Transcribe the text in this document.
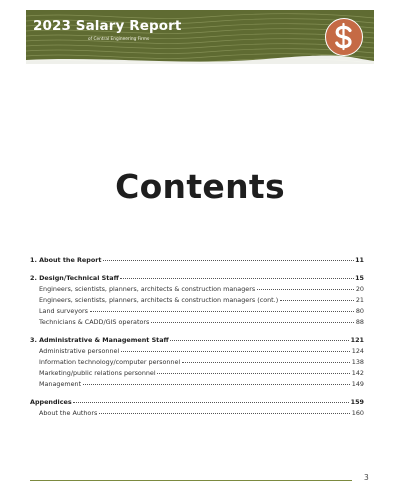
2023 Salary Report
of Central Engineering Firms
Contents
1. About the Report	11
2. Design/Technical Staff	15
Engineers, scientists, planners, architects & construction managers	20
Engineers, scientists, planners, architects & construction managers (cont.)	21
Land surveyors	80
Technicians & CADD/GIS operators	88
3. Administrative & Management Staff	121
Administrative personnel	124
Information technology/computer personnel	138
Marketing/public relations personnel	142
Management	149
Appendices	159
About the Authors	160
3
